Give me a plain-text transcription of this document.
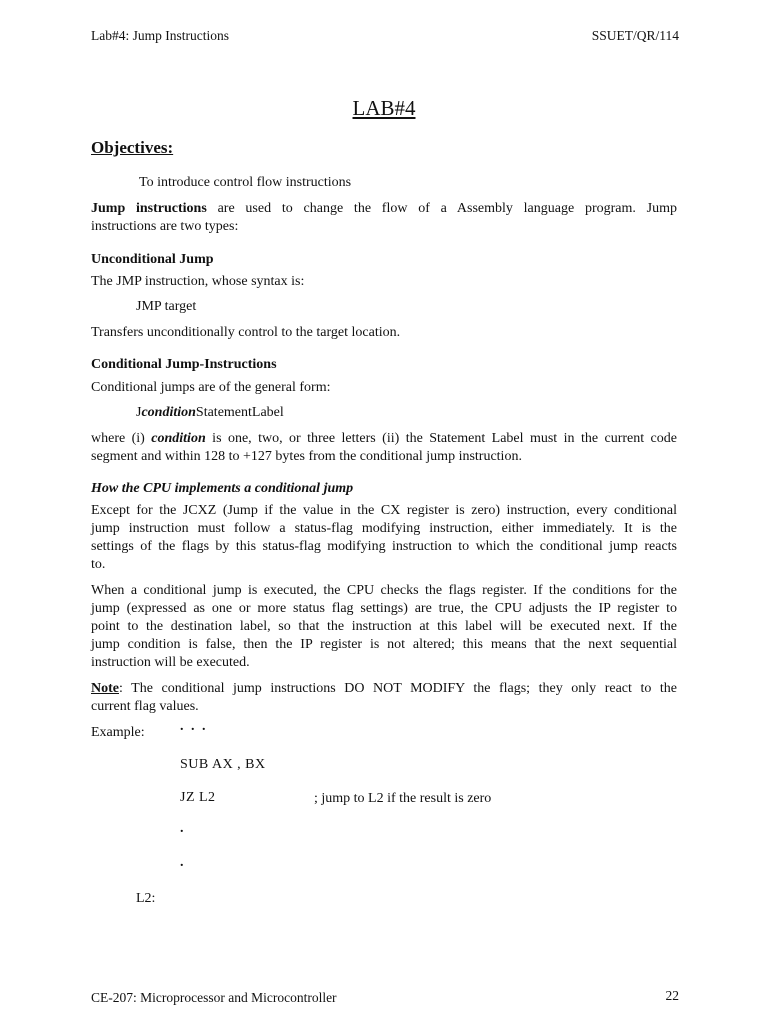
Lab#4: Jump Instructions	SSUET/QR/114
LAB#4
Objectives:
To introduce control flow instructions
Jump instructions are used to change the flow of a Assembly language program. Jump
instructions are two types:
Unconditional Jump
The JMP instruction, whose syntax is:
JMP target
Transfers unconditionally control to the target location.
Conditional Jump-Instructions
Conditional jumps are of the general form:
JconditionStatementLabel
where (i) condition is one, two, or three letters (ii) the Statement Label must in the current code
segment and within 128 to +127 bytes from the conditional jump instruction.
How the CPU implements a conditional jump
Except for the JCXZ (Jump if the value in the CX register is zero) instruction, every conditional
jump instruction must follow a status-flag modifying instruction, either immediately. It is the
settings of the flags by this status-flag modifying instruction to which the conditional jump reacts
to.
When a conditional jump is executed, the CPU checks the flags register. If the conditions for the
jump (expressed as one or more status flag settings) are true, the CPU adjusts the IP register to
point to the destination label, so that the instruction at this label will be executed next. If the
jump condition is false, then the IP register is not altered; this means that the next sequential
instruction will be executed.
Note: The conditional jump instructions DO NOT MODIFY the flags; they only react to the
current flag values.
Example:	. . .
SUB AX , BX
JZ L2	; jump to L2 if the result is zero
.
.
L2:
CE-207: Microprocessor and Microcontroller	22
